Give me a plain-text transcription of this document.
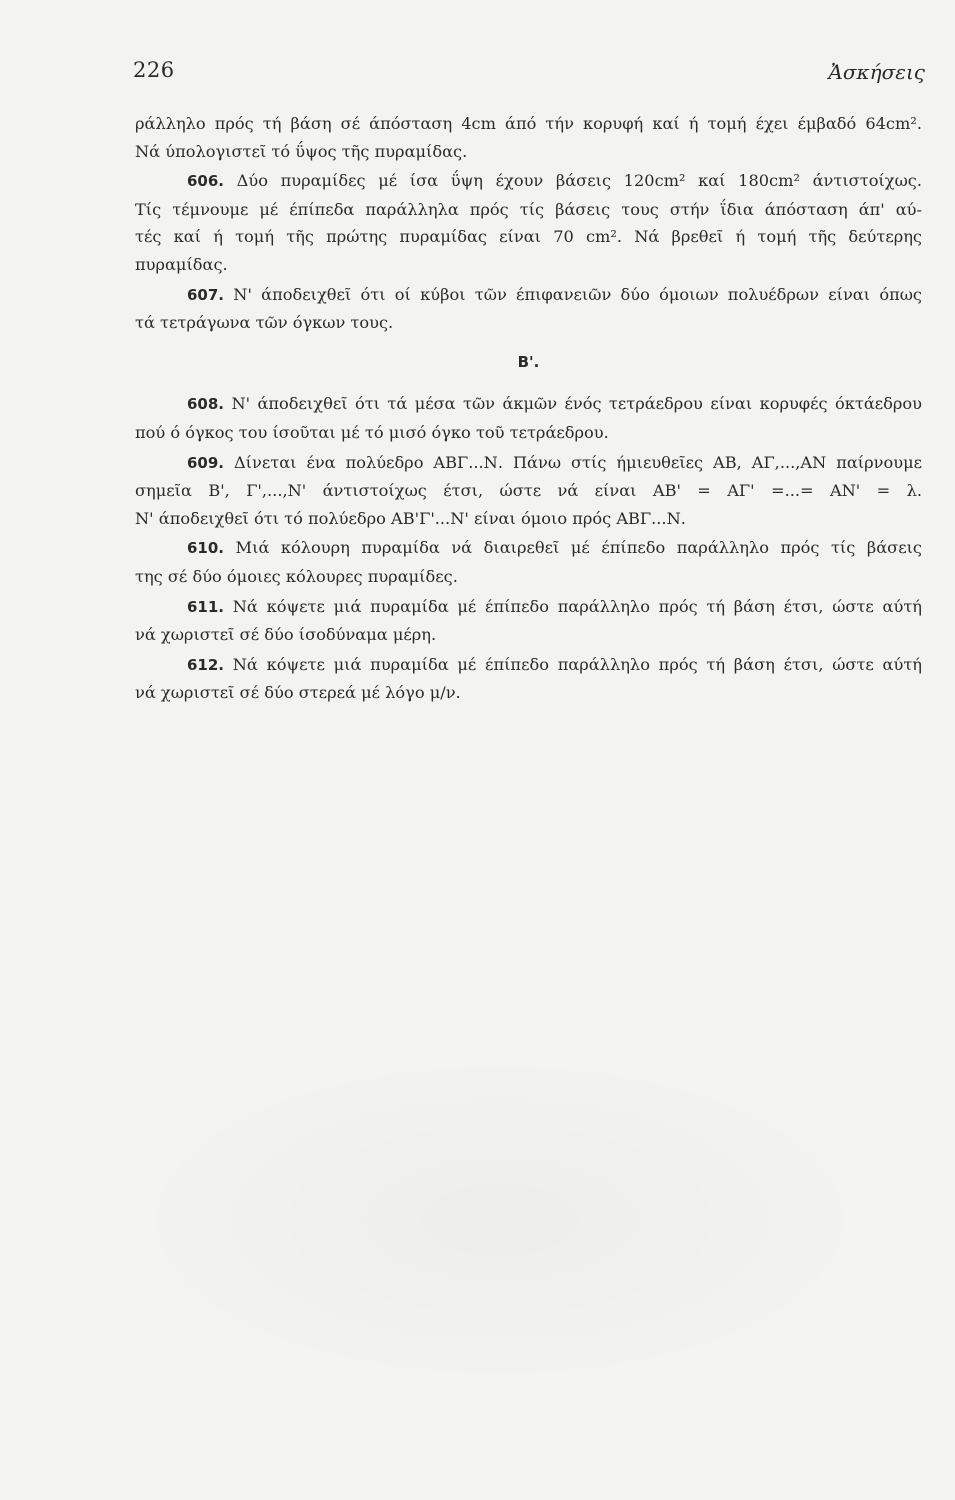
226	Ἀσκήσεις
ράλληλο πρός τή βάση σέ άπόσταση 4cm άπό τήν κορυφή καί ή τομή έχει έμβαδό 64cm².
Νά ύπολογιστεῖ τό ΰψος τῆς πυραμίδας.
606. Δύο πυραμίδες μέ ίσα ΰψη έχουν βάσεις 120cm² καί 180cm² άντιστοίχως.
Τίς τέμνουμε μέ έπίπεδα παράλληλα πρός τίς βάσεις τους στήν ΐδια άπόσταση άπ' αύ-
τές καί ή τομή τῆς πρώτης πυραμίδας είναι 70 cm². Νά βρεθεῖ ή τομή τῆς δεύτερης
πυραμίδας.
607. Ν' άποδειχθεῖ ότι οί κύβοι τῶν έπιφανειῶν δύο όμοιων πολυέδρων είναι όπως
τά τετράγωνα τῶν όγκων τους.
Β'.
608. Ν' άποδειχθεῖ ότι τά μέσα τῶν άκμῶν ένός τετράεδρου είναι κορυφές όκτάεδρου
πού ό όγκος του ίσοῦται μέ τό μισό όγκο τοῦ τετράεδρου.
609. Δίνεται ένα πολύεδρο ΑΒΓ...Ν. Πάνω στίς ήμιευθεῖες ΑΒ, ΑΓ,...,ΑΝ παίρνουμε
σημεῖα Β', Γ',...,Ν' άντιστοίχως έτσι, ώστε νά είναι ΑΒ' = ΑΓ' =...= ΑΝ' = λ.
Ν' άποδειχθεῖ ότι τό πολύεδρο ΑΒ'Γ'...Ν' είναι όμοιο πρός ΑΒΓ...Ν.
610. Μιά κόλουρη πυραμίδα νά διαιρεθεῖ μέ έπίπεδο παράλληλο πρός τίς βάσεις
της σέ δύο όμοιες κόλουρες πυραμίδες.
611. Νά κόψετε μιά πυραμίδα μέ έπίπεδο παράλληλο πρός τή βάση έτσι, ώστε αύτή
νά χωριστεῖ σέ δύο ίσοδύναμα μέρη.
612. Νά κόψετε μιά πυραμίδα μέ έπίπεδο παράλληλο πρός τή βάση έτσι, ώστε αύτή
νά χωριστεῖ σέ δύο στερεά μέ λόγο μ/ν.
